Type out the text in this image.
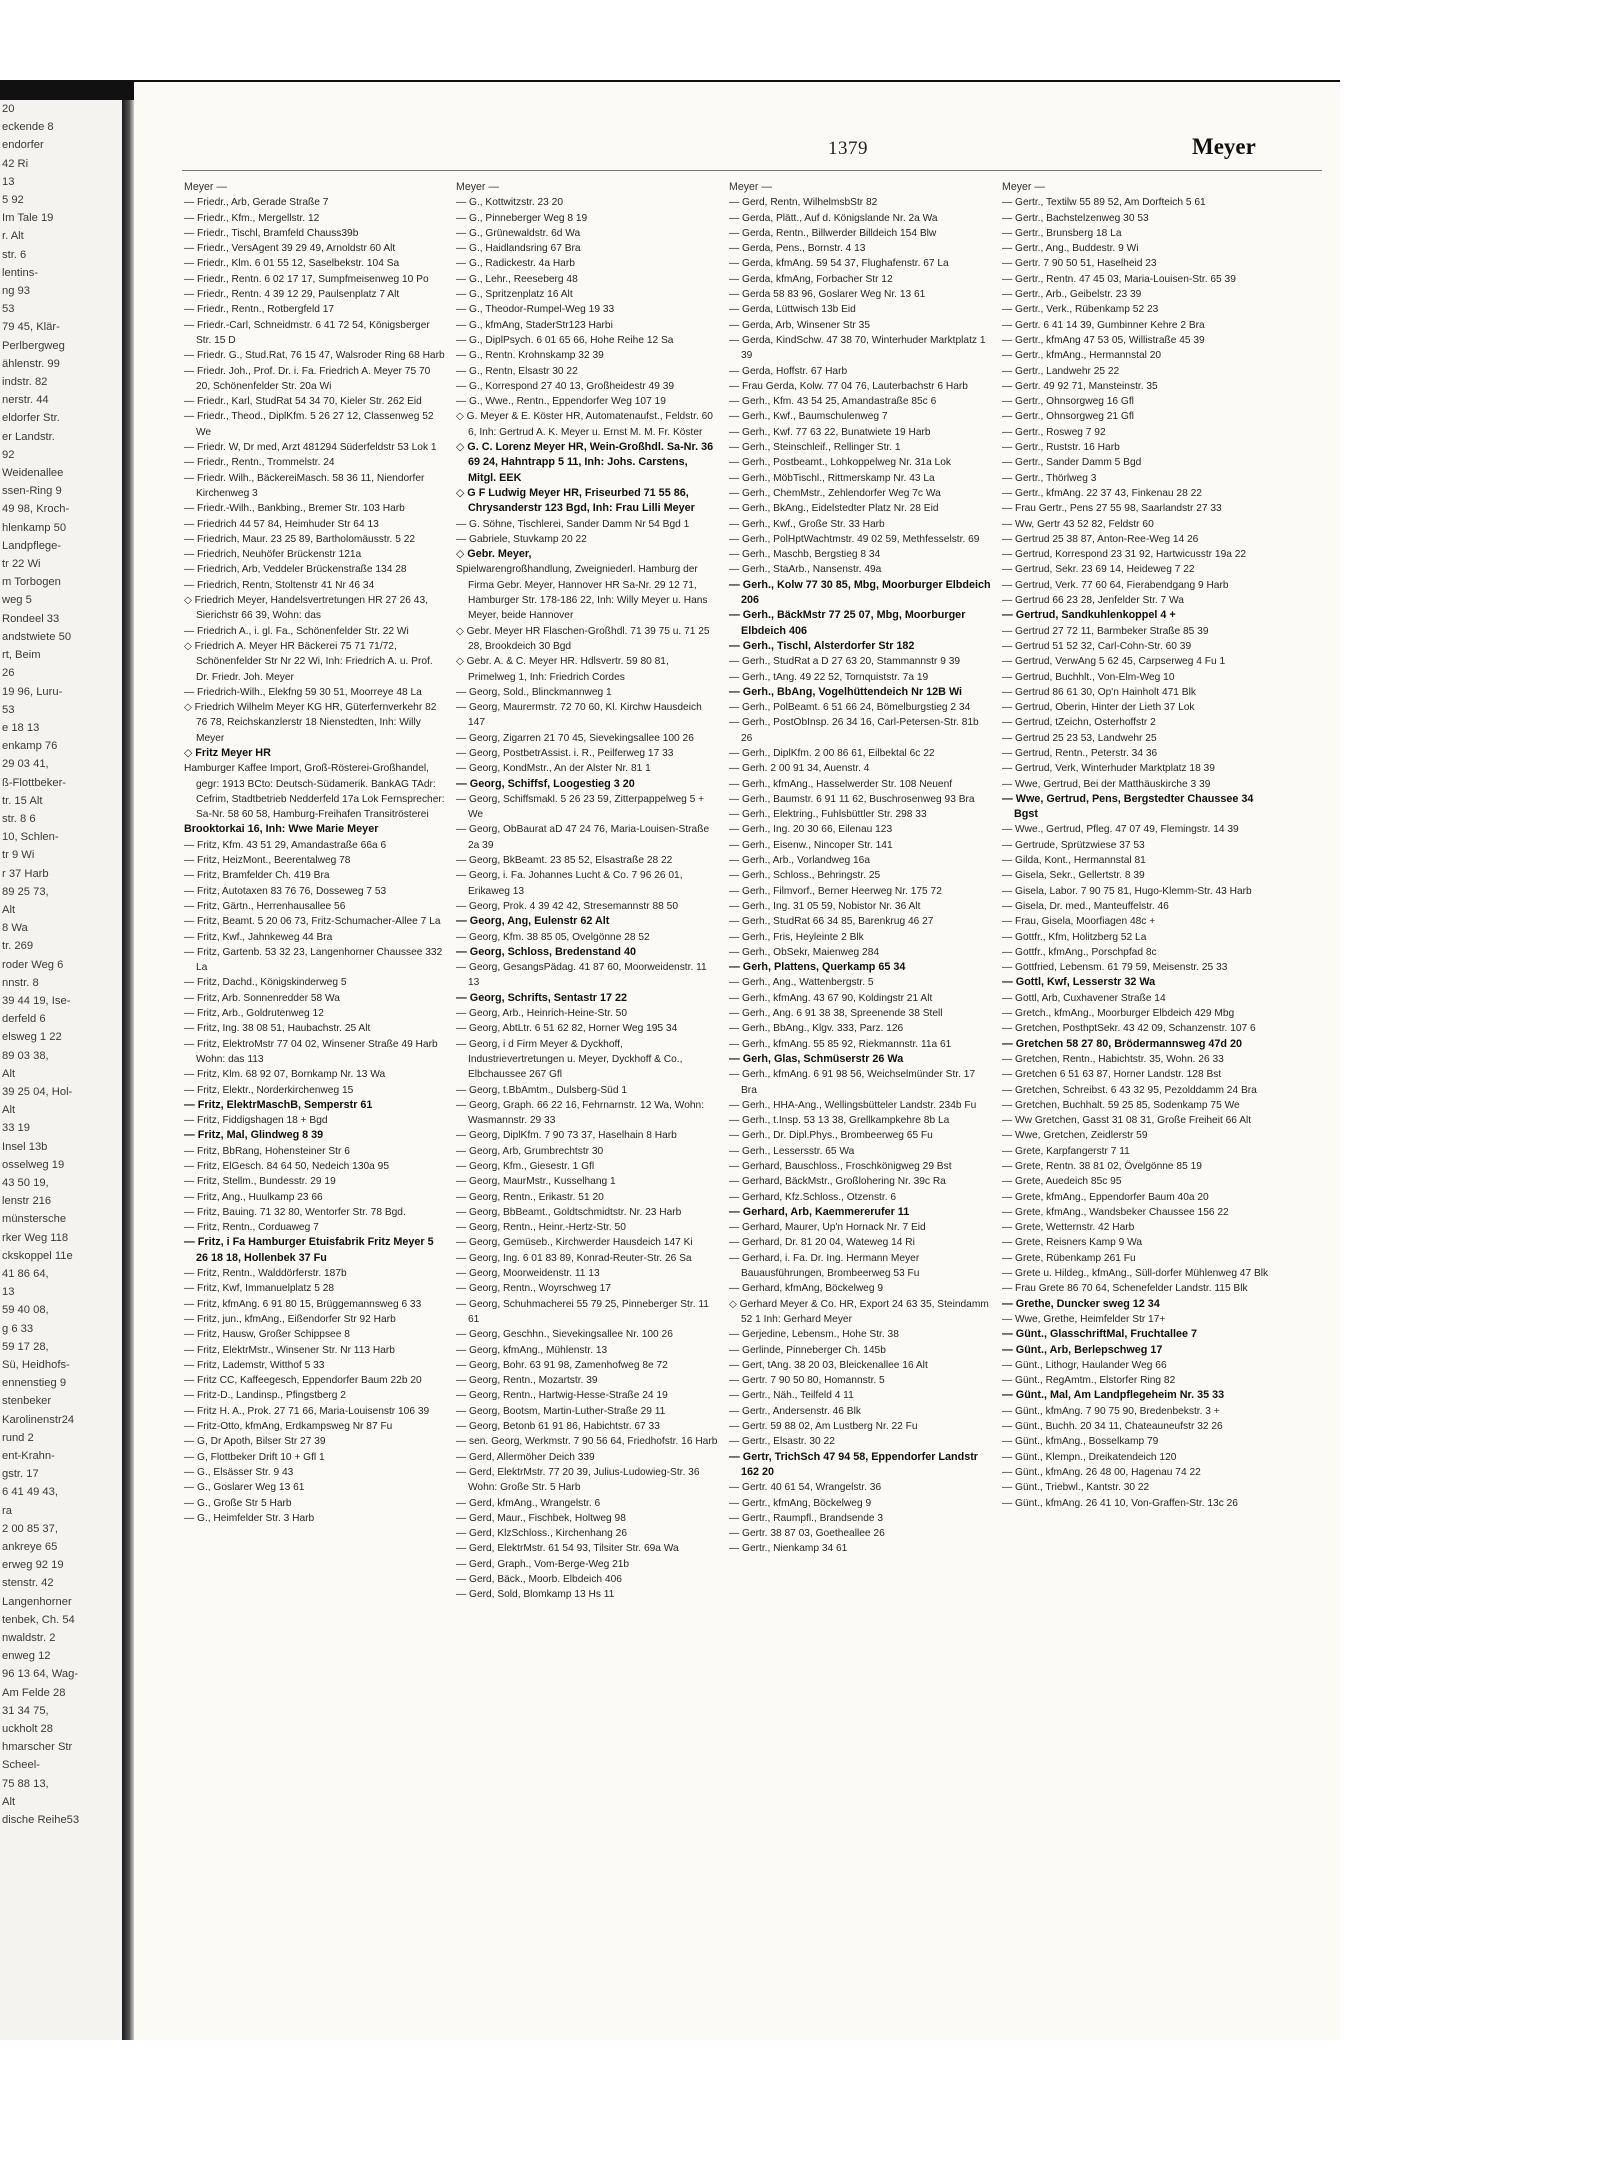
20
eckende 8
endorfer
42 Ri
13
5 92
Im Tale 19
r. Alt
str. 6
lentins-
ng 93
53
79 45, Klär-
Perlbergweg
ählenstr. 99
indstr. 82
nerstr. 44
eldorfer Str.
er Landstr.
92
Weidenallee
ssen-Ring 9
49 98, Kroch-
hlenkamp 50
Landpflege-
tr 22 Wi
m Torbogen
weg 5
Rondeel 33
andstwiete 50
rt, Beim
26
19 96, Luru-
53
e 18 13
enkamp 76
29 03 41,
ß-Flottbeker-
tr. 15 Alt
str. 8 6
10, Schlen-
tr 9 Wi
r 37 Harb
89 25 73,
Alt
8 Wa
tr. 269
roder Weg 6
nnstr. 8
39 44 19, Ise-
derfeld 6
elsweg 1 22
89 03 38,
Alt
39 25 04, Hol-
Alt
33 19
Insel 13b
osselweg 19
43 50 19,
lenstr 216
münstersche
rker Weg 118
ckskoppel 11e
41 86 64,
13
59 40 08,
g 6 33
59 17 28,
Sü, Heidhofs-
ennenstieg 9
stenbeker
Karolinenstr24
rund 2
ent-Krahn-
gstr. 17
6 41 49 43,
ra
2 00 85 37,
ankreye 65
erweg 92 19
stenstr. 42
Langenhorner
tenbek, Ch. 54
nwaldstr. 2
enweg 12
96 13 64, Wag-
Am Felde 28
31 34 75,
uckholt 28
hmarscher Str
Scheel-
75 88 13,
Alt
dische Reihe53
1379	Meyer
Meyer —
— Friedr., Arb, Gerade Straße 7
— Friedr., Kfm., Mergellstr. 12
— Friedr., Tischl, Bramfeld Chauss39b
— Friedr., VersAgent 39 29 49, Arnoldstr 60 Alt
— Friedr., Klm. 6 01 55 12, Saselbekstr. 104 Sa
— Friedr., Rentn. 6 02 17 17, Sumpfmeisenweg 10 Po
— Friedr., Rentn. 4 39 12 29, Paulsenplatz 7 Alt
— Friedr., Rentn., Rotbergfeld 17
— Friedr.-Carl, Schneidmstr. 6 41 72 54, Königsberger Str. 15 D
— Friedr. G., Stud.Rat, 76 15 47, Walsroder Ring 68 Harb
— Friedr. Joh., Prof. Dr. i. Fa. Friedrich A. Meyer 75 70 20, Schönenfelder Str. 20a Wi
— Friedr., Karl, StudRat 54 34 70, Kieler Str. 262 Eid
— Friedr., Theod., DiplKfm. 5 26 27 12, Classenweg 52 We
— Friedr. W, Dr med, Arzt 481294 Süderfeldstr 53 Lok 1
— Friedr., Rentn., Trommelstr. 24
— Friedr. Wilh., BäckereiMasch. 58 36 11, Niendorfer Kirchenweg 3
— Friedr.-Wilh., Bankbing., Bremer Str. 103 Harb
— Friedrich 44 57 84, Heimhuder Str 64 13
— Friedrich, Maur. 23 25 89, Bartholomäusstr. 5 22
— Friedrich, Neuhöfer Brückenstr 121a
— Friedrich, Arb, Veddeler Brückenstraße 134 28
— Friedrich, Rentn, Stoltenstr 41 Nr 46 34
◇ Friedrich Meyer, Handelsvertretungen HR 27 26 43, Sierichstr 66 39, Wohn: das
— Friedrich A., i. gl. Fa., Schönenfelder Str. 22 Wi
◇ Friedrich A. Meyer HR Bäckerei 75 71 71/72, Schönenfelder Str Nr 22 Wi, Inh: Friedrich A. u. Prof. Dr. Friedr. Joh. Meyer
— Friedrich-Wilh., Elekfng 59 30 51, Moorreye 48 La
◇ Friedrich Wilhelm Meyer KG HR, Güterfernverkehr 82 76 78, Reichskanzlerstr 18 Nienstedten, Inh: Willy Meyer
◇ Fritz Meyer HR
Hamburger Kaffee Import, Groß-Rösterei-Großhandel, gegr: 1913 BCto: Deutsch-Südamerik. BankAG TAdr: Cefrim, Stadtbetrieb Nedderfeld 17a Lok Fernsprecher: Sa-Nr. 58 60 58, Hamburg-Freihafen Transitrösterei
Brooktorkai 16, Inh: Wwe Marie Meyer
— Fritz, Kfm. 43 51 29, Amandastraße 66a 6
— Fritz, HeizMont., Beerentalweg 78
— Fritz, Bramfelder Ch. 419 Bra
— Fritz, Autotaxen 83 76 76, Dosseweg 7 53
— Fritz, Gärtn., Herrenhausallee 56
— Fritz, Beamt. 5 20 06 73, Fritz-Schumacher-Allee 7 La
— Fritz, Kwf., Jahnkeweg 44 Bra
— Fritz, Gartenb. 53 32 23, Langenhorner Chaussee 332 La
— Fritz, Dachd., Königskinderweg 5
— Fritz, Arb. Sonnenredder 58 Wa
— Fritz, Arb., Goldrutenweg 12
— Fritz, Ing. 38 08 51, Haubachstr. 25 Alt
— Fritz, ElektroMstr 77 04 02, Winsener Straße 49 Harb Wohn: das 113
— Fritz, Klm. 68 92 07, Bornkamp Nr. 13 Wa
— Fritz, Elektr., Norderkirchenweg 15
— Fritz, ElektrMaschB, Semperstr 61
— Fritz, Fiddigshagen 18 + Bgd
— Fritz, Mal, Glindweg 8 39
— Fritz, BbRang, Hohensteiner Str 6
— Fritz, ElGesch. 84 64 50, Nedeich 130a 95
— Fritz, Stellm., Bundesstr. 29 19
— Fritz, Ang., Huulkamp 23 66
— Fritz, Bauing. 71 32 80, Wentorfer Str. 78 Bgd.
— Fritz, Rentn., Corduaweg 7
— Fritz, i Fa Hamburger Etuisfabrik Fritz Meyer 5 26 18 18, Hollenbek 37 Fu
— Fritz, Rentn., Walddörferstr. 187b
— Fritz, Kwf, Immanuelplatz 5 28
— Fritz, kfmAng. 6 91 80 15, Brüggemannsweg 6 33
— Fritz, jun., kfmAng., Eißendorfer Str 92 Harb
— Fritz, Hausw, Großer Schippsee 8
— Fritz, ElektrMstr., Winsener Str. Nr 113 Harb
— Fritz, Lademstr, Witthof 5 33
— Fritz CC, Kaffeegesch, Eppendorfer Baum 22b 20
— Fritz-D., Landinsp., Pfingstberg 2
— Fritz H. A., Prok. 27 71 66, Maria-Louisenstr 106 39
— Fritz-Otto, kfmAng, Erdkampsweg Nr 87 Fu
— G, Dr Apoth, Bilser Str 27 39
— G, Flottbeker Drift 10 + Gfl 1
— G., Elsässer Str. 9 43
— G., Goslarer Weg 13 61
— G., Große Str 5 Harb
— G., Heimfelder Str. 3 Harb
Meyer —
— G., Kottwitzstr. 23 20
— G., Pinneberger Weg 8 19
— G., Grünewaldstr. 6d Wa
— G., Haidlandsring 67 Bra
— G., Radickestr. 4a Harb
— G., Lehr., Reeseberg 48
— G., Spritzenplatz 16 Alt
— G., Theodor-Rumpel-Weg 19 33
— G., kfmAng, StaderStr123 Harbi
— G., DiplPsych. 6 01 65 66, Hohe Reihe 12 Sa
— G., Rentn. Krohnskamp 32 39
— G., Rentn, Elsastr 30 22
— G., Korrespond 27 40 13, Großheidestr 49 39
— G., Wwe., Rentn., Eppendorfer Weg 107 19
◇ G. Meyer & E. Köster HR, Automatenaufst., Feldstr. 60 6, Inh: Gertrud A. K. Meyer u. Ernst M. M. Fr. Köster
◇ G. C. Lorenz Meyer HR, Wein-Großhdl. Sa-Nr. 36 69 24, Hahntrapp 5 11, Inh: Johs. Carstens, Mitgl. EEK
◇ G F Ludwig Meyer HR, Friseurbed 71 55 86, Chrysanderstr 123 Bgd, Inh: Frau Lilli Meyer
— G. Söhne, Tischlerei, Sander Damm Nr 54 Bgd 1
— Gabriele, Stuvkamp 20 22
◇ Gebr. Meyer,
Spielwarengroßhandlung, Zweigniederl. Hamburg der Firma Gebr. Meyer, Hannover HR Sa-Nr. 29 12 71, Hamburger Str. 178-186 22, Inh: Willy Meyer u. Hans Meyer, beide Hannover
◇ Gebr. Meyer HR Flaschen-Großhdl. 71 39 75 u. 71 25 28, Brookdeich 30 Bgd
◇ Gebr. A. & C. Meyer HR. Hdlsvertr. 59 80 81, Primelweg 1, Inh: Friedrich Cordes
— Georg, Sold., Blinckmannweg 1
— Georg, Maurermstr. 72 70 60, Kl. Kirchw Hausdeich 147
— Georg, Zigarren 21 70 45, Sievekingsallee 100 26
— Georg, PostbetrAssist. i. R., Peilferweg 17 33
— Georg, KondMstr., An der Alster Nr. 81 1
— Georg, Schiffsf, Loogestieg 3 20
— Georg, Schiffsmakl. 5 26 23 59, Zitterpappelweg 5 + We
— Georg, ObBaurat aD 47 24 76, Maria-Louisen-Straße 2a 39
— Georg, BkBeamt. 23 85 52, Elsastraße 28 22
— Georg, i. Fa. Johannes Lucht & Co. 7 96 26 01, Erikaweg 13
— Georg, Prok. 4 39 42 42, Stresemannstr 88 50
— Georg, Ang, Eulenstr 62 Alt
— Georg, Kfm. 38 85 05, Ovelgönne 28 52
— Georg, Schloss, Bredenstand 40
— Georg, GesangsPädag. 41 87 60, Moorweidenstr. 11 13
— Georg, Schrifts, Sentastr 17 22
— Georg, Arb., Heinrich-Heine-Str. 50
— Georg, AbtLtr. 6 51 62 82, Horner Weg 195 34
— Georg, i d Firm Meyer & Dyckhoff, Industrievertretungen u. Meyer, Dyckhoff & Co., Elbchaussee 267 Gfl
— Georg, t.BbAmtm., Dulsberg-Süd 1
— Georg, Graph. 66 22 16, Fehrnarnstr. 12 Wa, Wohn: Wasmannstr. 29 33
— Georg, DiplKfm. 7 90 73 37, Haselhain 8 Harb
— Georg, Arb, Grumbrechtstr 30
— Georg, Kfm., Giesestr. 1 Gfl
— Georg, MaurMstr., Kusselhang 1
— Georg, Rentn., Erikastr. 51 20
— Georg, BbBeamt., Goldtschmidtstr. Nr. 23 Harb
— Georg, Rentn., Heinr.-Hertz-Str. 50
— Georg, Gemüseb., Kirchwerder Hausdeich 147 Ki
— Georg, Ing. 6 01 83 89, Konrad-Reuter-Str. 26 Sa
— Georg, Moorweidenstr. 11 13
— Georg, Rentn., Woyrschweg 17
— Georg, Schuhmacherei 55 79 25, Pinneberger Str. 11 61
— Georg, Geschhn., Sievekingsallee Nr. 100 26
— Georg, kfmAng., Mühlenstr. 13
— Georg, Bohr. 63 91 98, Zamenhofweg 8e 72
— Georg, Rentn., Mozartstr. 39
— Georg, Rentn., Hartwig-Hesse-Straße 24 19
— Georg, Bootsm, Martin-Luther-Straße 29 11
— Georg, Betonb 61 91 86, Habichtstr. 67 33
— sen. Georg, Werkmstr. 7 90 56 64, Friedhofstr. 16 Harb
— Gerd, Allermöher Deich 339
— Gerd, ElektrMstr. 77 20 39, Julius-Ludowieg-Str. 36 Wohn: Große Str. 5 Harb
— Gerd, kfmAng., Wrangelstr. 6
— Gerd, Maur., Fischbek, Holtweg 98
— Gerd, KlzSchloss., Kirchenhang 26
— Gerd, ElektrMstr. 61 54 93, Tilsiter Str. 69a Wa
— Gerd, Graph., Vom-Berge-Weg 21b
— Gerd, Bäck., Moorb. Elbdeich 406
— Gerd, Sold, Blomkamp 13 Hs 11
Meyer —
— Gerd, Rentn, WilhelmsbStr 82
— Gerda, Plätt., Auf d. Königslande Nr. 2a Wa
— Gerda, Rentn., Billwerder Billdeich 154 Blw
— Gerda, Pens., Bornstr. 4 13
— Gerda, kfmAng. 59 54 37, Flughafenstr. 67 La
— Gerda, kfmAng, Forbacher Str 12
— Gerda 58 83 96, Goslarer Weg Nr. 13 61
— Gerda, Lüttwisch 13b Eid
— Gerda, Arb, Winsener Str 35
— Gerda, KindSchw. 47 38 70, Winterhuder Marktplatz 1 39
— Gerda, Hoffstr. 67 Harb
— Frau Gerda, Kolw. 77 04 76, Lauterbachstr 6 Harb
— Gerh., Kfm. 43 54 25, Amandastraße 85c 6
— Gerh., Kwf., Baumschulenweg 7
— Gerh., Kwf. 77 63 22, Bunatwiete 19 Harb
— Gerh., Steinschleif., Rellinger Str. 1
— Gerh., Postbeamt., Lohkoppelweg Nr. 31a Lok
— Gerh., MöbTischl., Rittmerskamp Nr. 43 La
— Gerh., ChemMstr., Zehlendorfer Weg 7c Wa
— Gerh., BkAng., Eidelstedter Platz Nr. 28 Eid
— Gerh., Kwf., Große Str. 33 Harb
— Gerh., PolHptWachtmstr. 49 02 59, Methfesselstr. 69
— Gerh., Maschb, Bergstieg 8 34
— Gerh., StaArb., Nansenstr. 49a
— Gerh., Kolw 77 30 85, Mbg, Moorburger Elbdeich 206
— Gerh., BäckMstr 77 25 07, Mbg, Moorburger Elbdeich 406
— Gerh., Tischl, Alsterdorfer Str 182
— Gerh., StudRat a D 27 63 20, Stammannstr 9 39
— Gerh., tAng. 49 22 52, Tornquiststr. 7a 19
— Gerh., BbAng, Vogelhüttendeich Nr 12B Wi
— Gerh., PolBeamt. 6 51 66 24, Bömelburgstieg 2 34
— Gerh., PostObInsp. 26 34 16, Carl-Petersen-Str. 81b 26
— Gerh., DiplKfm. 2 00 86 61, Eilbektal 6c 22
— Gerh. 2 00 91 34, Auenstr. 4
— Gerh., kfmAng., Hasselwerder Str. 108 Neuenf
— Gerh., Baumstr. 6 91 11 62, Buschrosenweg 93 Bra
— Gerh., Elektring., Fuhlsbüttler Str. 298 33
— Gerh., Ing. 20 30 66, Eilenau 123
— Gerh., Eisenw., Nincoper Str. 141
— Gerh., Arb., Vorlandweg 16a
— Gerh., Schloss., Behringstr. 25
— Gerh., Filmvorf., Berner Heerweg Nr. 175 72
— Gerh., Ing. 31 05 59, Nobistor Nr. 36 Alt
— Gerh., StudRat 66 34 85, Barenkrug 46 27
— Gerh., Fris, Heyleinte 2 Blk
— Gerh., ObSekr, Maienweg 284
— Gerh, Plattens, Querkamp 65 34
— Gerh., Ang., Wattenbergstr. 5
— Gerh., kfmAng. 43 67 90, Koldingstr 21 Alt
— Gerh., Ang. 6 91 38 38, Spreenende 38 Stell
— Gerh., BbAng., Klgv. 333, Parz. 126
— Gerh., kfmAng. 55 85 92, Riekmannstr. 11a 61
— Gerh, Glas, Schmüserstr 26 Wa
— Gerh., kfmAng. 6 91 98 56, Weichselmünder Str. 17 Bra
— Gerh., HHA-Ang., Wellingsbütteler Landstr. 234b Fu
— Gerh., t.Insp. 53 13 38, Grellkampkehre 8b La
— Gerh., Dr. Dipl.Phys., Brombeerweg 65 Fu
— Gerh., Lessersstr. 65 Wa
— Gerhard, Bauschloss., Froschkönigweg 29 Bst
— Gerhard, BäckMstr., Großlohering Nr. 39c Ra
— Gerhard, Kfz.Schloss., Otzenstr. 6
— Gerhard, Arb, Kaemmererufer 11
— Gerhard, Maurer, Up'n Hornack Nr. 7 Eid
— Gerhard, Dr. 81 20 04, Wateweg 14 Ri
— Gerhard, i. Fa. Dr. Ing. Hermann Meyer Bauausführungen, Brombeerweg 53 Fu
— Gerhard, kfmAng, Böckelweg 9
◇ Gerhard Meyer & Co. HR, Export 24 63 35, Steindamm 52 1 Inh: Gerhard Meyer
— Gerjedine, Lebensm., Hohe Str. 38
— Gerlinde, Pinneberger Ch. 145b
— Gert, tAng. 38 20 03, Bleickenallee 16 Alt
— Gertr. 7 90 50 80, Homannstr. 5
— Gertr., Näh., Teilfeld 4 11
— Gertr., Andersenstr. 46 Blk
— Gertr. 59 88 02, Am Lustberg Nr. 22 Fu
— Gertr., Elsastr. 30 22
— Gertr, TrichSch 47 94 58, Eppendorfer Landstr 162 20
— Gertr. 40 61 54, Wrangelstr. 36
— Gertr., kfmAng, Böckelweg 9
— Gertr., Raumpfl., Brandsende 3
— Gertr. 38 87 03, Goetheallee 26
— Gertr., Nienkamp 34 61
Meyer —
— Gertr., Textilw 55 89 52, Am Dorfteich 5 61
— Gertr., Bachstelzenweg 30 53
— Gertr., Brunsberg 18 La
— Gertr., Ang., Buddestr. 9 Wi
— Gertr. 7 90 50 51, Haselheid 23
— Gertr., Rentn. 47 45 03, Maria-Louisen-Str. 65 39
— Gertr., Arb., Geibelstr. 23 39
— Gertr., Verk., Rübenkamp 52 23
— Gertr. 6 41 14 39, Gumbinner Kehre 2 Bra
— Gertr., kfmAng 47 53 05, Willistraße 45 39
— Gertr., kfmAng., Hermannstal 20
— Gertr., Landwehr 25 22
— Gertr. 49 92 71, Mansteinstr. 35
— Gertr., Ohnsorgweg 16 Gfl
— Gertr., Ohnsorgweg 21 Gfl
— Gertr., Rosweg 7 92
— Gertr., Ruststr. 16 Harb
— Gertr., Sander Damm 5 Bgd
— Gertr., Thörlweg 3
— Gertr., kfmAng. 22 37 43, Finkenau 28 22
— Frau Gertr., Pens 27 55 98, Saarlandstr 27 33
— Ww, Gertr 43 52 82, Feldstr 60
— Gertrud 25 38 87, Anton-Ree-Weg 14 26
— Gertrud, Korrespond 23 31 92, Hartwicusstr 19a 22
— Gertrud, Sekr. 23 69 14, Heideweg 7 22
— Gertrud, Verk. 77 60 64, Fierabendgang 9 Harb
— Gertrud 66 23 28, Jenfelder Str. 7 Wa
— Gertrud, Sandkuhlenkoppel 4 +
— Gertrud 27 72 11, Barmbeker Straße 85 39
— Gertrud 51 52 32, Carl-Cohn-Str. 60 39
— Gertrud, VerwAng 5 62 45, Carpserweg 4 Fu 1
— Gertrud, Buchhlt., Von-Elm-Weg 10
— Gertrud 86 61 30, Op'n Hainholt 471 Blk
— Gertrud, Oberin, Hinter der Lieth 37 Lok
— Gertrud, tZeichn, Osterhoffstr 2
— Gertrud 25 23 53, Landwehr 25
— Gertrud, Rentn., Peterstr. 34 36
— Gertrud, Verk, Winterhuder Marktplatz 18 39
— Wwe, Gertrud, Bei der Matthäuskirche 3 39
— Wwe, Gertrud, Pens, Bergstedter Chaussee 34 Bgst
— Wwe., Gertrud, Pfleg. 47 07 49, Flemingstr. 14 39
— Gertrude, Sprützwiese 37 53
— Gilda, Kont., Hermannstal 81
— Gisela, Sekr., Gellertstr. 8 39
— Gisela, Labor. 7 90 75 81, Hugo-Klemm-Str. 43 Harb
— Gisela, Dr. med., Manteuffelstr. 46
— Frau, Gisela, Moorfiagen 48c +
— Gottfr., Kfm, Holitzberg 52 La
— Gottfr., kfmAng., Porschpfad 8c
— Gottfried, Lebensm. 61 79 59, Meisenstr. 25 33
— Gottl, Kwf, Lesserstr 32 Wa
— Gottl, Arb, Cuxhavener Straße 14
— Gretch., kfmAng., Moorburger Elbdeich 429 Mbg
— Gretchen, PosthptSekr. 43 42 09, Schanzenstr. 107 6
— Gretchen 58 27 80, Brödermannsweg 47d 20
— Gretchen, Rentn., Habichtstr. 35, Wohn. 26 33
— Gretchen 6 51 63 87, Horner Landstr. 128 Bst
— Gretchen, Schreibst. 6 43 32 95, Pezolddamm 24 Bra
— Gretchen, Buchhalt. 59 25 85, Sodenkamp 75 We
— Ww Gretchen, Gasst 31 08 31, Große Freiheit 66 Alt
— Wwe, Gretchen, Zeidlerstr 59
— Grete, Karpfangerstr 7 11
— Grete, Rentn. 38 81 02, Övelgönne 85 19
— Grete, Auedeich 85c 95
— Grete, kfmAng., Eppendorfer Baum 40a 20
— Grete, kfmAng., Wandsbeker Chaussee 156 22
— Grete, Wetternstr. 42 Harb
— Grete, Reisners Kamp 9 Wa
— Grete, Rübenkamp 261 Fu
— Grete u. Hildeg., kfmAng., Süll-dorfer Mühlenweg 47 Blk
— Frau Grete 86 70 64, Schenefelder Landstr. 115 Blk
— Grethe, Duncker sweg 12 34
— Wwe, Grethe, Heimfelder Str 17+
— Günt., GlasschriftMal, Fruchtallee 7
— Günt., Arb, Berlepschweg 17
— Günt., Lithogr, Haulander Weg 66
— Günt., RegAmtm., Elstorfer Ring 82
— Günt., Mal, Am Landpflegeheim Nr. 35 33
— Günt., kfmAng. 7 90 75 90, Bredenbekstr. 3 +
— Günt., Buchh. 20 34 11, Chateauneufstr 32 26
— Günt., kfmAng., Bosselkamp 79
— Günt., Klempn., Dreikatendeich 120
— Günt., kfmAng. 26 48 00, Hagenau 74 22
— Günt., Triebwl., Kantstr. 30 22
— Günt., kfmAng. 26 41 10, Von-Graffen-Str. 13c 26
